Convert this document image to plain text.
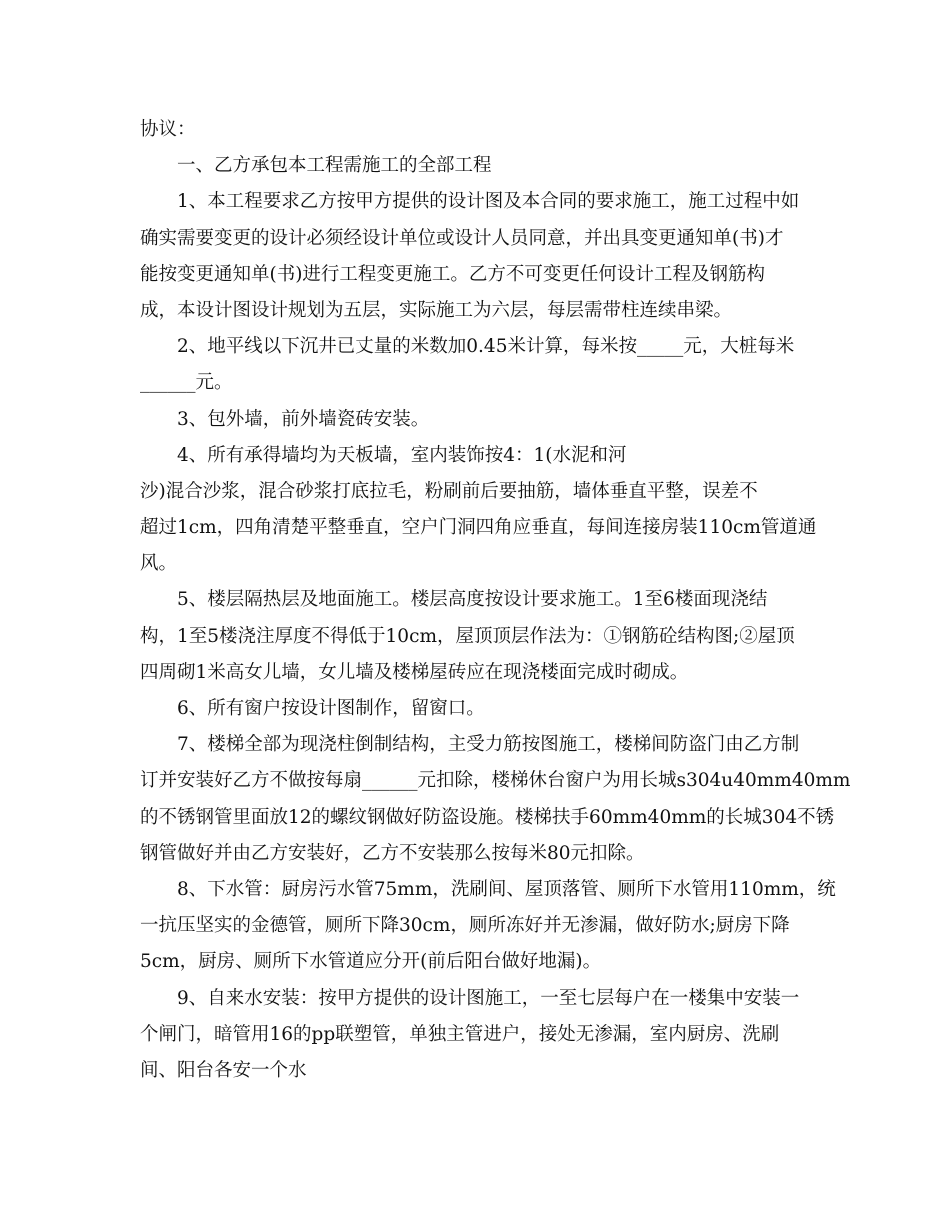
协议：
一、乙方承包本工程需施工的全部工程
1、本工程要求乙方按甲方提供的设计图及本合同的要求施工，施工过程中如
确实需要变更的设计必须经设计单位或设计人员同意，并出具变更通知单(书)才
能按变更通知单(书)进行工程变更施工。乙方不可变更任何设计工程及钢筋构
成，本设计图设计规划为五层，实际施工为六层，每层需带柱连续串梁。
2、地平线以下沉井已丈量的米数加0.45米计算，每米按_____元，大桩每米
______元。
3、包外墙，前外墙瓷砖安装。
4、所有承得墙均为天板墙，室内装饰按4：1(水泥和河
沙)混合沙浆，混合砂浆打底拉毛，粉刷前后要抽筋，墙体垂直平整，误差不
超过1cm，四角清楚平整垂直，空户门洞四角应垂直，每间连接房装110cm管道通
风。
5、楼层隔热层及地面施工。楼层高度按设计要求施工。1至6楼面现浇结
构，1至5楼浇注厚度不得低于10cm，屋顶顶层作法为：①钢筋砼结构图;②屋顶
四周砌1米高女儿墙，女儿墙及楼梯屋砖应在现浇楼面完成时砌成。
6、所有窗户按设计图制作，留窗口。
7、楼梯全部为现浇柱倒制结构，主受力筋按图施工，楼梯间防盗门由乙方制
订并安装好乙方不做按每扇______元扣除，楼梯休台窗户为用长城s304u40mm40mm
的不锈钢管里面放12的螺纹钢做好防盗设施。楼梯扶手60mm40mm的长城304不锈
钢管做好并由乙方安装好，乙方不安装那么按每米80元扣除。
8、下水管：厨房污水管75mm，洗刷间、屋顶落管、厕所下水管用110mm，统
一抗压坚实的金德管，厕所下降30cm，厕所冻好并无渗漏，做好防水;厨房下降
5cm，厨房、厕所下水管道应分开(前后阳台做好地漏)。
9、自来水安装：按甲方提供的设计图施工，一至七层每户在一楼集中安装一
个闸门，暗管用16的pp联塑管，单独主管进户，接处无渗漏，室内厨房、洗刷
间、阳台各安一个水
